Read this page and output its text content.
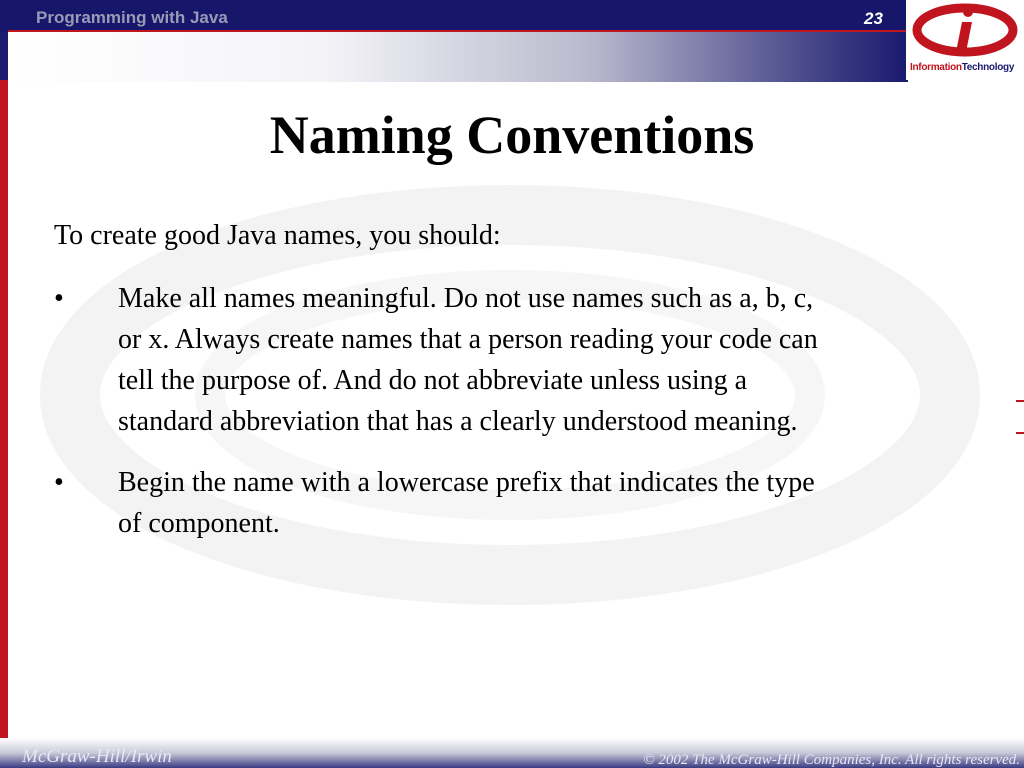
Programming with Java	23
InformationTechnology
Naming Conventions
To create good Java names, you should:
• Make all names meaningful. Do not use names such as a, b, c,
or x. Always create names that a person reading your code can
tell the purpose of. And do not abbreviate unless using a
standard abbreviation that has a clearly understood meaning.
• Begin the name with a lowercase prefix that indicates the type
of component.
McGraw-Hill/Irwin	© 2002 The McGraw-Hill Companies, Inc. All rights reserved.
